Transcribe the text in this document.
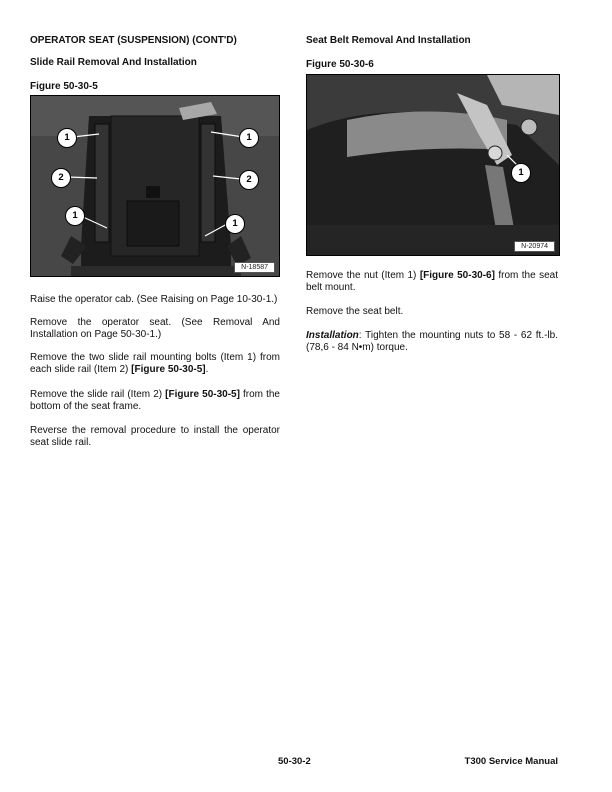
OPERATOR SEAT (SUSPENSION) (CONT'D)
Slide Rail Removal And Installation
Figure 50-30-5
1	1
2	2
1
1
N-18587
Raise the operator cab. (See Raising on Page 10-30-1.)
Remove the operator seat. (See Removal And Installation on Page 50-30-1.)
Remove the two slide rail mounting bolts (Item 1) from each slide rail (Item 2) [Figure 50-30-5].
Remove the slide rail (Item 2) [Figure 50-30-5] from the bottom of the seat frame.
Reverse the removal procedure to install the operator seat slide rail.
Seat Belt Removal And Installation
Figure 50-30-6
1
N-20974
Remove the nut (Item 1) [Figure 50-30-6] from the seat belt mount.
Remove the seat belt.
Installation: Tighten the mounting nuts to 58 - 62 ft.-lb. (78,6 - 84 N•m) torque.
50-30-2	T300 Service Manual
